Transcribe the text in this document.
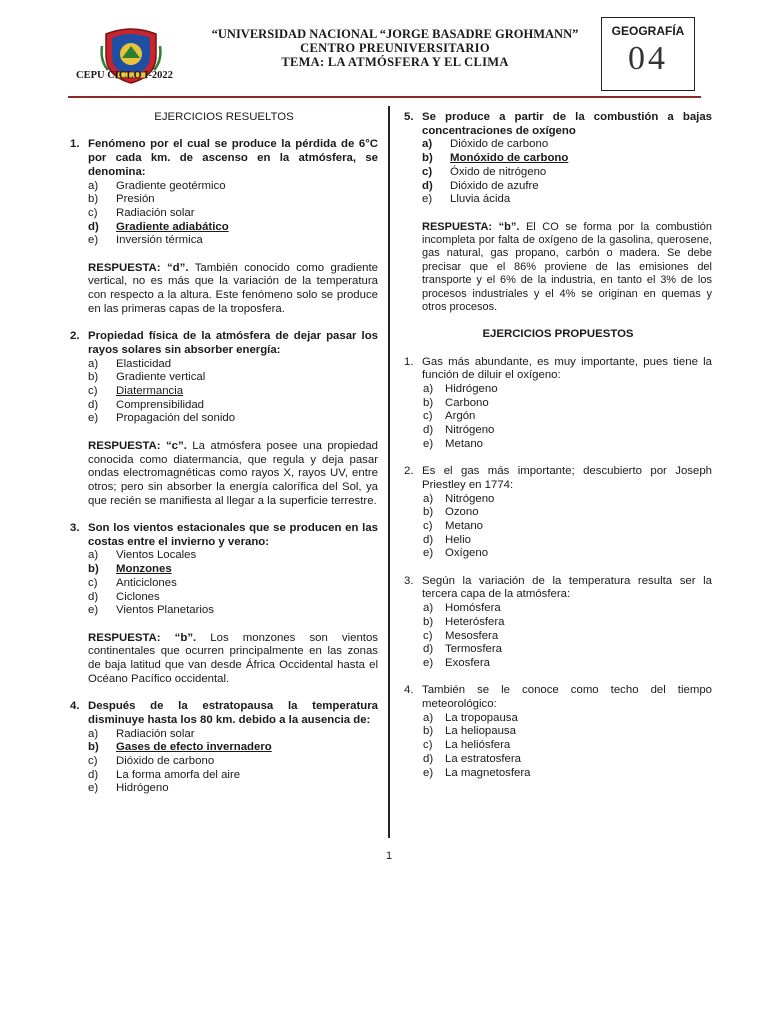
CEPU CICLO I-2022
“UNIVERSIDAD NACIONAL “JORGE BASADRE GROHMANN”
CENTRO PREUNIVERSITARIO
TEMA: LA ATMÓSFERA Y EL CLIMA
GEOGRAFÍA
04
EJERCICIOS RESUELTOS
1. Fenómeno por el cual se produce la pérdida de 6°C por cada km. de ascenso en la atmósfera, se denomina:
a)	Gradiente geotérmico
b)	Presión
c)	Radiación solar
d)	Gradiente adiabático
e)	Inversión térmica
RESPUESTA: “d”. También conocido como gradiente vertical, no es más que la variación de la temperatura con respecto a la altura. Este fenómeno solo se produce en las primeras capas de la troposfera.
2. Propiedad física de la atmósfera de dejar pasar los rayos solares sin absorber energía:
a)	Elasticidad
b)	Gradiente vertical
c)	Diatermancia
d)	Comprensibilidad
e)	Propagación del sonido
RESPUESTA: “c”. La atmósfera posee una propiedad conocida como diatermancia, que regula y deja pasar ondas electromagnéticas como rayos X, rayos UV, entre otros; pero sin absorber la energía calorífica del Sol, ya que recién se manifiesta al llegar a la superficie terrestre.
3. Son los vientos estacionales que se producen en las costas entre el invierno y verano:
a)	Vientos Locales
b)	Monzones
c)	Anticiclones
d)	Ciclones
e)	Vientos Planetarios
RESPUESTA: “b”. Los monzones son vientos continentales que ocurren principalmente en las zonas de baja latitud que van desde África Occidental hasta el Océano Pacífico occidental.
4. Después de la estratopausa la temperatura disminuye hasta los 80 km. debido a la ausencia de:
a)	Radiación solar
b)	Gases de efecto invernadero
c)	Dióxido de carbono
d)	La forma amorfa del aire
e)	Hidrógeno
5. Se produce a partir de la combustión a bajas concentraciones de oxígeno
a)	Dióxido de carbono
b)	Monóxido de carbono
c)	Óxido de nitrógeno
d)	Dióxido de azufre
e)	Lluvia ácida
RESPUESTA: “b”. El CO se forma por la combustión incompleta por falta de oxígeno de la gasolina, querosene, gas natural, gas propano, carbón o madera. Se debe precisar que el 86% proviene de las emisiones del transporte y el 6% de la industria, en tanto el 3% de los procesos industriales y el 4% se originan en quemas y otros procesos.
EJERCICIOS PROPUESTOS
1. Gas más abundante, es muy importante, pues tiene la función de diluir el oxígeno:
a)	Hidrógeno
b)	Carbono
c)	Argón
d)	Nitrógeno
e)	Metano
2. Es el gas más importante; descubierto por Joseph Priestley en 1774:
a)	Nitrógeno
b)	Ozono
c)	Metano
d)	Helio
e)	Oxígeno
3. Según la variación de la temperatura resulta ser la tercera capa de la atmósfera:
a)	Homósfera
b)	Heterósfera
c)	Mesosfera
d)	Termosfera
e)	Exosfera
4. También se le conoce como techo del tiempo meteorológico:
a)	La tropopausa
b)	La heliopausa
c)	La heliósfera
d)	La estratosfera
e)	La magnetosfera
1
